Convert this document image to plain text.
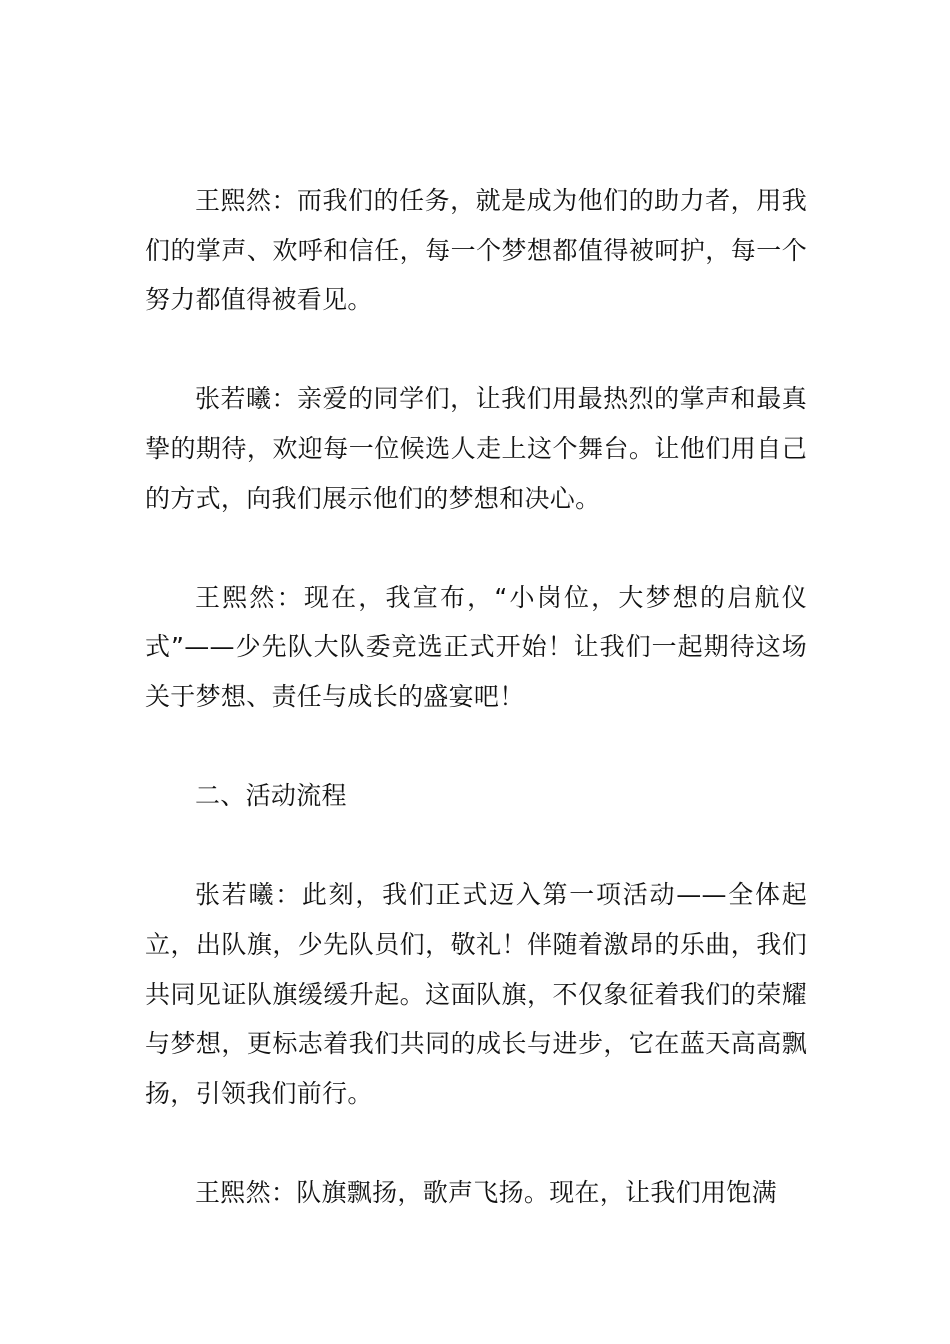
王熙然：而我们的任务，就是成为他们的助力者，用我们的掌声、欢呼和信任，每一个梦想都值得被呵护，每一个努力都值得被看见。

张若曦：亲爱的同学们，让我们用最热烈的掌声和最真挚的期待，欢迎每一位候选人走上这个舞台。让他们用自己的方式，向我们展示他们的梦想和决心。

王熙然：现在，我宣布，“小岗位，大梦想的启航仪式”——少先队大队委竞选正式开始！让我们一起期待这场关于梦想、责任与成长的盛宴吧！

二、活动流程

张若曦：此刻，我们正式迈入第一项活动——全体起立，出队旗，少先队员们，敬礼！伴随着激昂的乐曲，我们共同见证队旗缓缓升起。这面队旗，不仅象征着我们的荣耀与梦想，更标志着我们共同的成长与进步，它在蓝天高高飘扬，引领我们前行。

王熙然：队旗飘扬，歌声飞扬。现在，让我们用饱满
